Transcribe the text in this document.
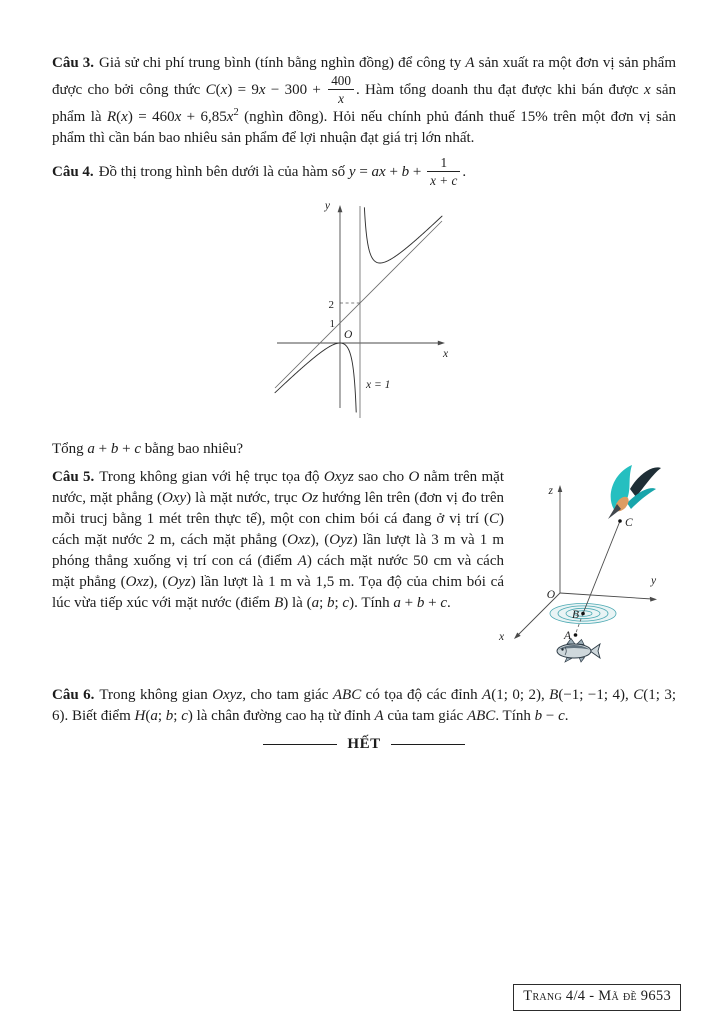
Câu 3. Giả sử chi phí trung bình (tính bằng nghìn đồng) để công ty A sản xuất ra một đơn vị sản phẩm được cho bởi công thức $C(x) = 9x - 300 + \frac{400}{x}$ . Hàm tổng doanh thu đạt được khi bán được x sản phẩm là $R(x) = 460x + 6,85x^2$ (nghìn đồng). Hỏi nếu chính phủ đánh thuế 15% trên một đơn vị sản phẩm thì cần bán bao nhiêu sản phẩm để lợi nhuận đạt giá trị lớn nhất.

Câu 4. Đồ thị trong hình bên dưới là của hàm số y = ax + $b + \frac{1}{x + c}$ .

y
x
O
1
2
x = 1

Tổng a + b + c bằng bao nhiêu?

Câu 5. Trong không gian với hệ trục tọa độ Oxyz sao cho O nằm trên mặt nước, mặt phẳng (Oxy) là mặt nước, trục Oz hướng lên trên (đơn vị đo trên mỗi trucj bằng 1 mét trên thực tế), một con chim bói cá đang ở vị trí (C) cách mặt nước 2 m, cách mặt phẳng (Oxz), (Oyz) lần lượt là 3 m và 1 m phóng thẳng xuống vị trí con cá (điểm A) cách mặt nước 50 cm và cách mặt phẳng (Oxz), (Oyz) lần lượt là 1 m và 1,5 m. Tọa độ của chim bói cá lúc vừa tiếp xúc với mặt nước (điểm B) là (a; b; c). Tính a + b + c.

z
y
x
O
C
B
A

Câu 6. Trong không gian Oxyz, cho tam giác ABC có tọa độ các đỉnh A(1; 0; 2), B(−1; −1; 4), C(1; 3; 6). Biết điểm H(a; b; c) là chân đường cao hạ từ đỉnh A của tam giác ABC. Tính b − c.

HẾT
Trang 4/4 - Mã đề 9653
